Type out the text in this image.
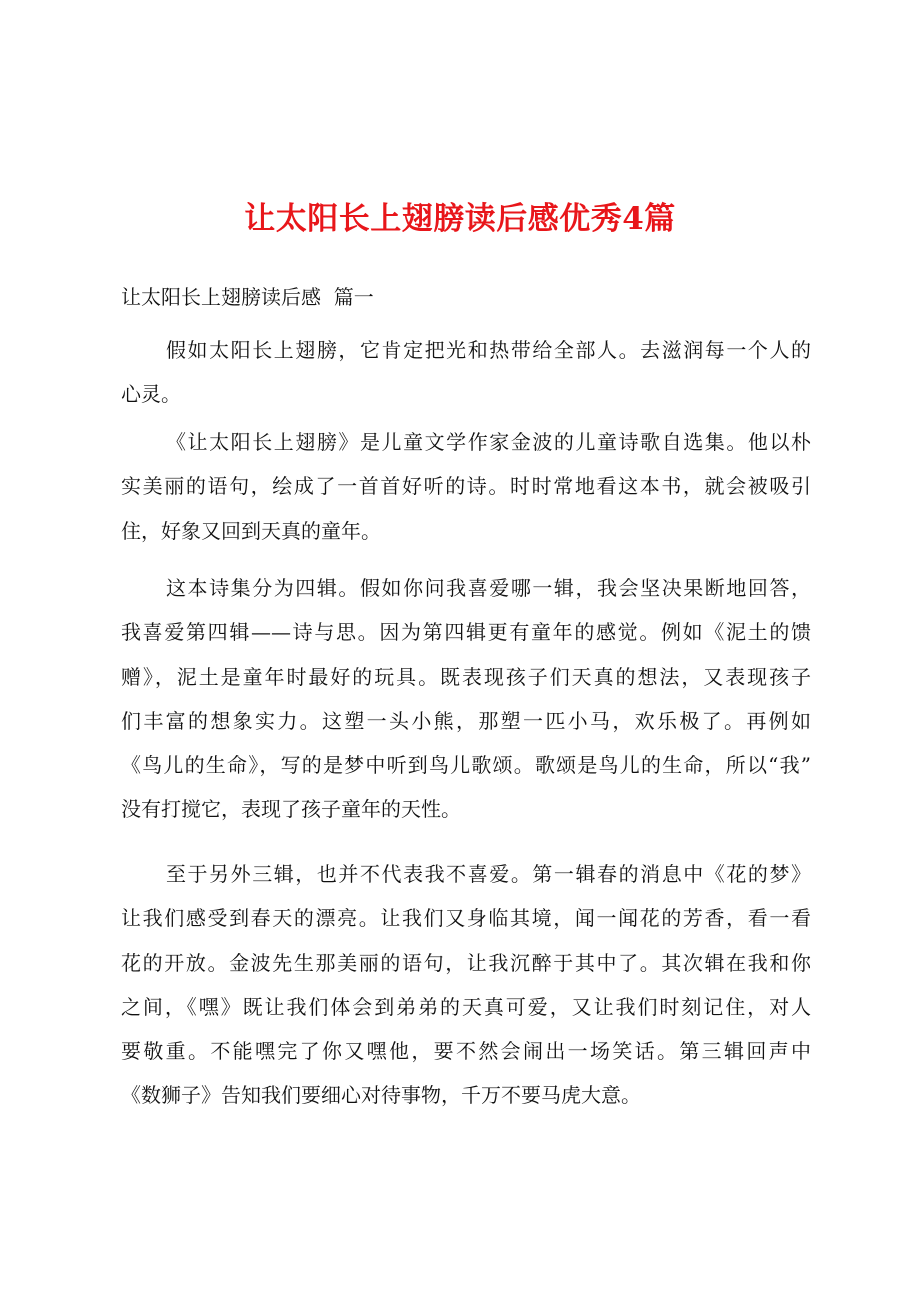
让太阳长上翅膀读后感优秀4篇
让太阳长上翅膀读后感  篇一
假如太阳长上翅膀，它肯定把光和热带给全部人。去滋润每一个人的
心灵。
《让太阳长上翅膀》是儿童文学作家金波的儿童诗歌自选集。他以朴
实美丽的语句，绘成了一首首好听的诗。时时常地看这本书，就会被吸引
住，好象又回到天真的童年。
这本诗集分为四辑。假如你问我喜爱哪一辑，我会坚决果断地回答，
我喜爱第四辑——诗与思。因为第四辑更有童年的感觉。例如《泥土的馈
赠》，泥土是童年时最好的玩具。既表现孩子们天真的想法，又表现孩子
们丰富的想象实力。这塑一头小熊，那塑一匹小马，欢乐极了。再例如
《鸟儿的生命》，写的是梦中听到鸟儿歌颂。歌颂是鸟儿的生命，所以“我”
没有打搅它，表现了孩子童年的天性。
至于另外三辑，也并不代表我不喜爱。第一辑春的消息中《花的梦》
让我们感受到春天的漂亮。让我们又身临其境，闻一闻花的芳香，看一看
花的开放。金波先生那美丽的语句，让我沉醉于其中了。其次辑在我和你
之间，《嘿》既让我们体会到弟弟的天真可爱，又让我们时刻记住，对人
要敬重。不能嘿完了你又嘿他，要不然会闹出一场笑话。第三辑回声中
《数狮子》告知我们要细心对待事物，千万不要马虎大意。
